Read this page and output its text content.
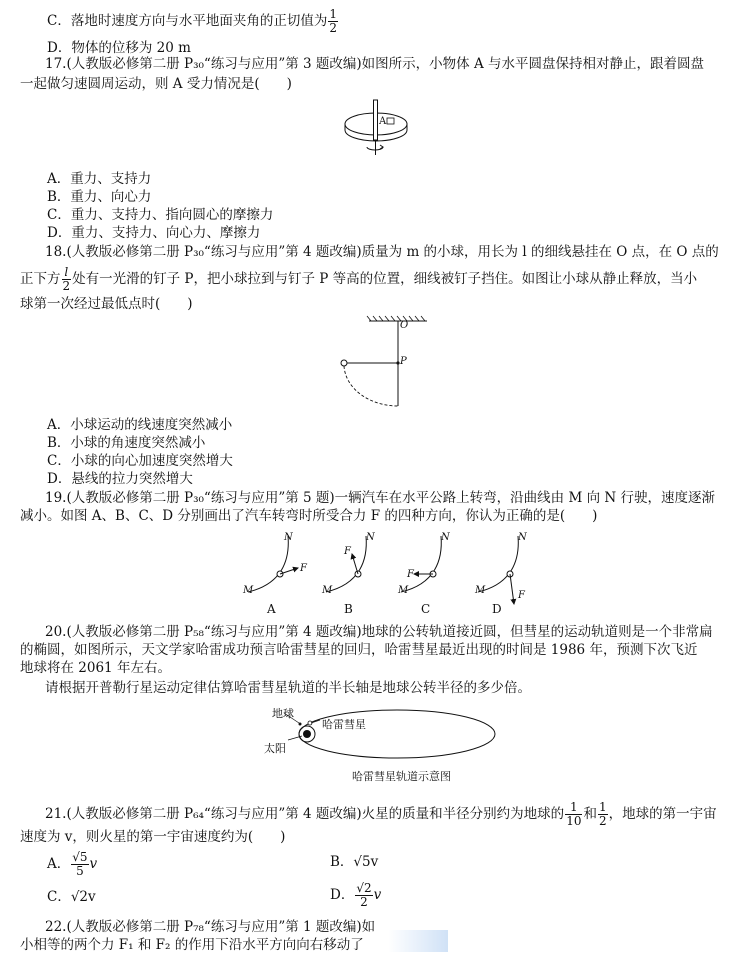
C．落地时速度方向与水平地面夹角的正切值为 $\frac{1}{2}$
D．物体的位移为 20 m
17.(人教版必修第二册 P₃₀“练习与应用”第 3 题改编)如图所示，小物体 A 与水平圆盘保持相对静止，跟着圆盘
一起做匀速圆周运动，则 A 受力情况是(　　)
A
A．重力、支持力
B．重力、向心力
C．重力、支持力、指向圆心的摩擦力
D．重力、支持力、向心力、摩擦力
18.(人教版必修第二册 P₃₀“练习与应用”第 4 题改编)质量为 m 的小球，用长为 l 的细线悬挂在 O 点，在 O 点的
正下方 $\frac{l}{2}$ 处有一光滑的钉子 P，把小球拉到与钉子 P 等高的位置，细线被钉子挡住。如图让小球从静止释放，当小
球第一次经过最低点时(　　)
O
P
A．小球运动的线速度突然减小
B．小球的角速度突然减小
C．小球的向心加速度突然增大
D．悬线的拉力突然增大
19.(人教版必修第二册 P₃₀“练习与应用”第 5 题)一辆汽车在水平公路上转弯，沿曲线由 M 向 N 行驶，速度逐渐
减小。如图 A、B、C、D 分别画出了汽车转弯时所受合力 F 的四种方向，你认为正确的是(　　)
N
M
F
N
M
F
N
M
F
N
M	F
A	B	C	D
20.(人教版必修第二册 P₅₈“练习与应用”第 4 题改编)地球的公转轨道接近圆，但彗星的运动轨道则是一个非常扁
的椭圆，如图所示，天文学家哈雷成功预言哈雷彗星的回归，哈雷彗星最近出现的时间是 1986 年，预测下次飞近
地球将在 2061 年左右。
请根据开普勒行星运动定律估算哈雷彗星轨道的半长轴是地球公转半径的多少倍。
地球
哈雷彗星
太阳
哈雷彗星轨道示意图
21.(人教版必修第二册 P₆₄“练习与应用”第 4 题改编)火星的质量和半径分别约为地球的 $\frac{1}{10}$ 和 $\frac{1}{2}$ ，地球的第一宇宙
速度为 v，则火星的第一宇宙速度约为(　　)
A． $\frac{√5}{5}$ v	B．√5v
C．√2v	D． $\frac{√2}{2}$ v
22.(人教版必修第二册 P₇₈“练习与应用”第 1 题改编)如
小相等的两个力 F₁ 和 F₂ 的作用下沿水平方向向右移动了
